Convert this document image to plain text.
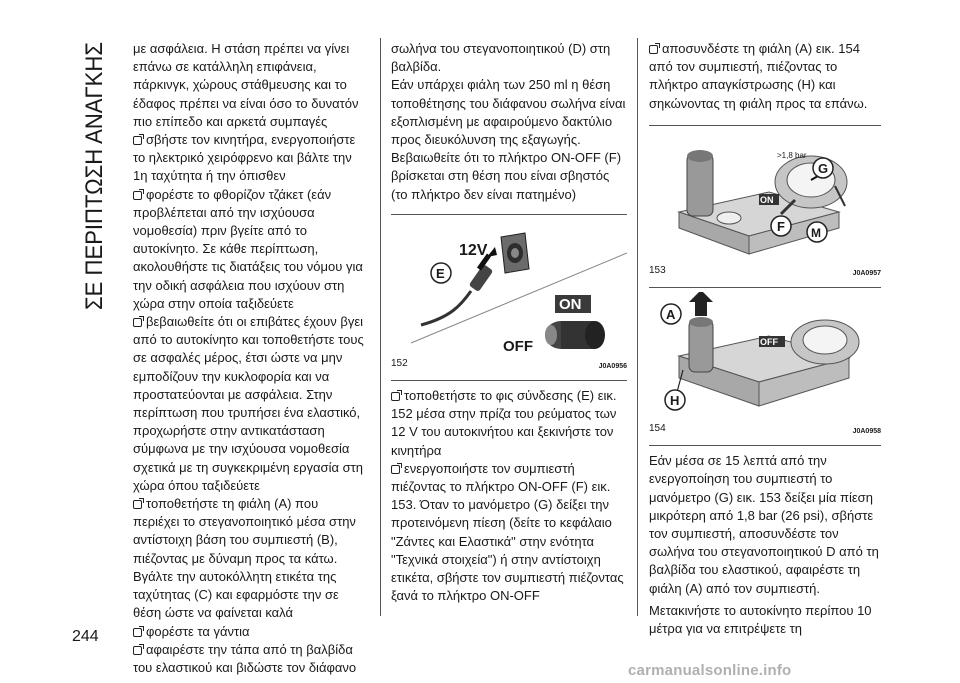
ΣΕ ΠΕΡΙΠΤΩΣΗ ΑΝΑΓΚΗΣ με ασφάλεια. Η στάση πρέπει να γίνει επάνω σε κατάλληλη επιφάνεια, πάρκινγκ, χώρους στάθμευσης και το έδαφος πρέπει να είναι όσο το δυνατόν πιο επίπεδο και αρκετά συμπαγές

σβήστε τον κινητήρα, ενεργοποιήστε το ηλεκτρικό χειρόφρενο και βάλτε την 1η ταχύτητα ή την όπισθεν

φορέστε το φθορίζον τζάκετ (εάν προβλέπεται από την ισχύουσα νομοθεσία) πριν βγείτε από το αυτοκίνητο. Σε κάθε περίπτωση, ακολουθήστε τις διατάξεις του νόμου για την οδική ασφάλεια που ισχύουν στη χώρα στην οποία ταξιδεύετε

βεβαιωθείτε ότι οι επιβάτες έχουν βγει από το αυτοκίνητο και τοποθετήστε τους σε ασφαλές μέρος, έτσι ώστε να μην εμποδίζουν την κυκλοφορία και να προστατεύονται με ασφάλεια. Στην περίπτωση που τρυπήσει ένα ελαστικό, προχωρήστε στην αντικατάσταση σύμφωνα με την ισχύουσα νομοθεσία σχετικά με τη συγκεκριμένη εργασία στη χώρα όπου ταξιδεύετε

τοποθετήστε τη φιάλη (A) που περιέχει το στεγανοποιητικό μέσα στην αντίστοιχη βάση του συμπιεστή (B), πιέζοντας με δύναμη προς τα κάτω. Βγάλτε την αυτοκόλλητη ετικέτα της ταχύτητας (C) και εφαρμόστε την σε θέση ώστε να φαίνεται καλά

φορέστε τα γάντια

αφαιρέστε την τάπα από τη βαλβίδα του ελαστικού και βιδώστε τον διάφανο

σωλήνα του στεγανοποιητικού (D) στη βαλβίδα.

Εάν υπάρχει φιάλη των 250 ml η θέση τοποθέτησης του διάφανου σωλήνα είναι εξοπλισμένη με αφαιρούμενο δακτύλιο προς διευκόλυνση της εξαγωγής. Βεβαιωθείτε ότι το πλήκτρο ON-OFF (F) βρίσκεται στη θέση που είναι σβηστός (το πλήκτρο δεν είναι πατημένο)

12V
E
ON
OFF
152	J0A0956

τοποθετήστε το φις σύνδεσης (E) εικ. 152 μέσα στην πρίζα του ρεύματος των 12 V του αυτοκινήτου και ξεκινήστε τον κινητήρα

ενεργοποιήστε τον συμπιεστή πιέζοντας το πλήκτρο ON-OFF (F) εικ. 153. Όταν το μανόμετρο (G) δείξει την προτεινόμενη πίεση (δείτε το κεφάλαιο "Ζάντες και Ελαστικά" στην ενότητα "Τεχνικά στοιχεία") ή στην αντίστοιχη ετικέτα, σβήστε τον συμπιεστή πιέζοντας ξανά το πλήκτρο ON-OFF

αποσυνδέστε τη φιάλη (A) εικ. 154 από τον συμπιεστή, πιέζοντας το πλήκτρο απαγκίστρωσης (H) και σηκώνοντας τη φιάλη προς τα επάνω.

>1,8 bar
ON
G
F M
153	J0A0957
A
OFF
H
154	J0A0958

Εάν μέσα σε 15 λεπτά από την ενεργοποίηση του συμπιεστή το μανόμετρο (G) εικ. 153 δείξει μία πίεση μικρότερη από 1,8 bar (26 psi), σβήστε τον συμπιεστή, αποσυνδέστε τον σωλήνα του στεγανοποιητικού D από τη βαλβίδα του ελαστικού, αφαιρέστε τη φιάλη (A) από τον συμπιεστή.

Μετακινήστε το αυτοκίνητο περίπου 10 μέτρα για να επιτρέψετε τη

244
carmanualsonline.info
